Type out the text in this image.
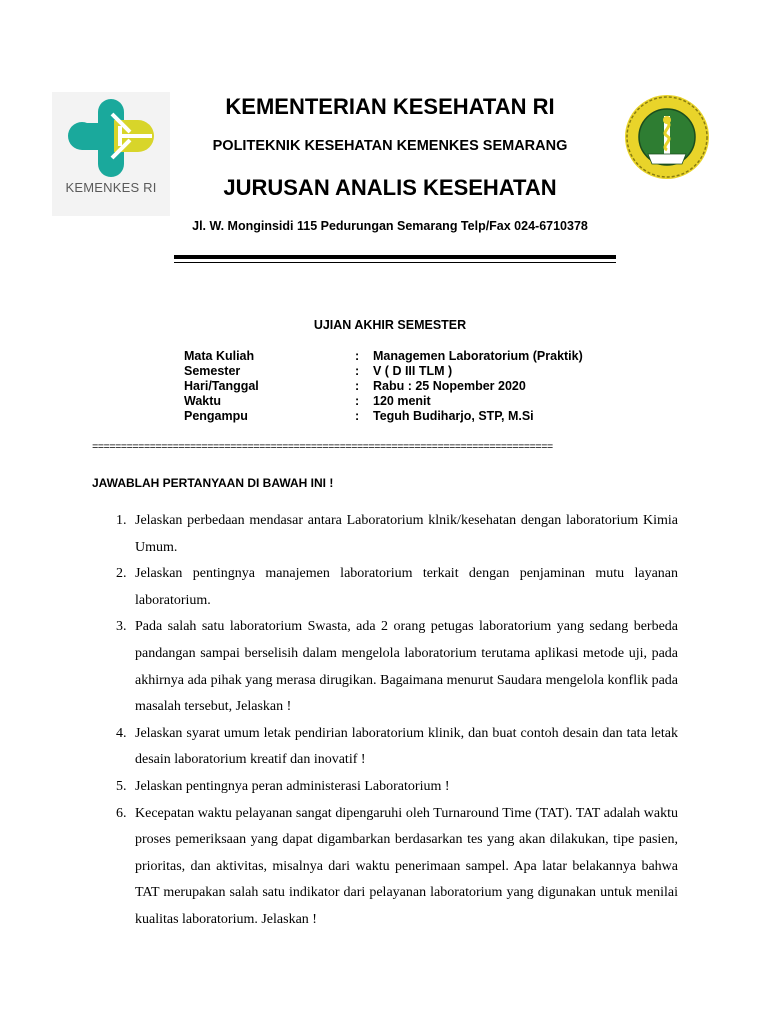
KEMENKES RI
KEMENTERIAN KESEHATAN RI
POLITEKNIK KESEHATAN KEMENKES SEMARANG
JURUSAN ANALIS KESEHATAN
Jl. W. Monginsidi 115 Pedurungan Semarang Telp/Fax 024-6710378
UJIAN AKHIR SEMESTER
Mata Kuliah	: Managemen Laboratorium (Praktik)
Semester	: V ( D III TLM )
Hari/Tanggal	: Rabu : 25 Nopember 2020
Waktu	: 120 menit
Pengampu	: Teguh Budiharjo, STP, M.Si
================================================================================
JAWABLAH PERTANYAAN DI BAWAH INI !
1. Jelaskan perbedaan mendasar antara Laboratorium klnik/kesehatan dengan laboratorium Kimia Umum.
2. Jelaskan pentingnya manajemen laboratorium terkait dengan penjaminan mutu layanan laboratorium.
3. Pada salah satu laboratorium Swasta, ada 2 orang petugas laboratorium yang sedang berbeda pandangan sampai berselisih dalam mengelola laboratorium terutama aplikasi metode uji, pada akhirnya ada pihak yang merasa dirugikan. Bagaimana menurut Saudara mengelola konflik pada masalah tersebut, Jelaskan !
4. Jelaskan syarat umum letak pendirian laboratorium klinik, dan buat contoh desain dan tata letak desain laboratorium kreatif dan inovatif !
5. Jelaskan pentingnya peran administerasi Laboratorium !
6. Kecepatan waktu pelayanan sangat dipengaruhi oleh Turnaround Time (TAT). TAT adalah waktu proses pemeriksaan yang dapat digambarkan berdasarkan tes yang akan dilakukan, tipe pasien, prioritas, dan aktivitas, misalnya dari waktu penerimaan sampel. Apa latar belakannya bahwa TAT merupakan salah satu indikator dari pelayanan laboratorium yang digunakan untuk menilai kualitas laboratorium. Jelaskan !
